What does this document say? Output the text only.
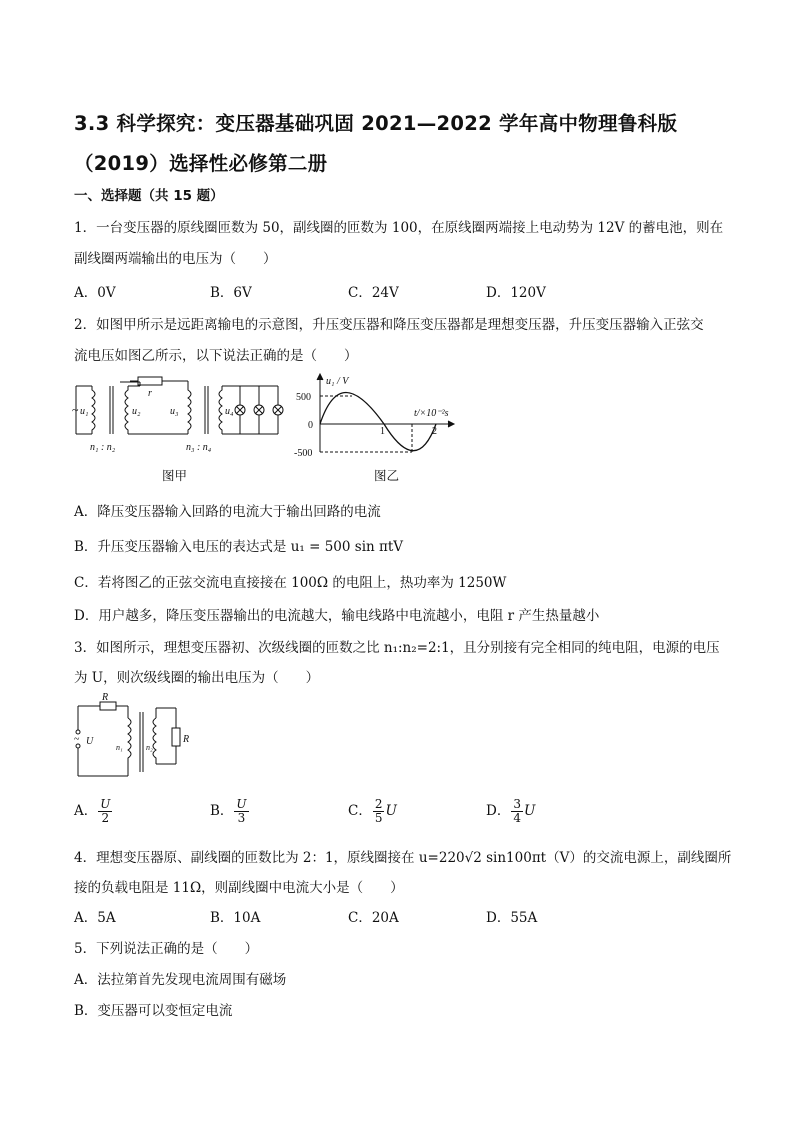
3.3 科学探究：变压器基础巩固 2021—2022 学年高中物理鲁科版
（2019）选择性必修第二册
一、选择题（共 15 题）
1．一台变压器的原线圈匝数为 50，副线圈的匝数为 100，在原线圈两端接上电动势为 12V 的蓄电池，则在
副线圈两端输出的电压为（　　）
A．0V	B．6V	C．24V	D．120V
2．如图甲所示是远距离输电的示意图，升压变压器和降压变压器都是理想变压器，升压变压器输入正弦交
流电压如图乙所示，以下说法正确的是（　　）
~ u₁	u₂
r
u₃	u₄
n₁ : n₂	n₃ : n₄
图甲
u₁ / V
t/×10⁻²s
500
0
-500
1	2
图乙
A．降压变压器输入回路的电流大于输出回路的电流
B．升压变压器输入电压的表达式是 u₁ = 500 sin πtV
C．若将图乙的正弦交流电直接接在 100Ω 的电阻上，热功率为 1250W
D．用户越多，降压变压器输出的电流越大，输电线路中电流越小，电阻 r 产生热量越小
3．如图所示，理想变压器初、次级线圈的匝数之比 n₁:n₂=2:1，且分别接有完全相同的纯电阻，电源的电压
为 U，则次级线圈的输出电压为（　　）
~
R
U
n₁	n₂
R
A． $\frac{U}{2}$	B． $\frac{U}{3}$	C． $\frac{2}{5}$ U	D． $\frac{3}{4}$ U
4．理想变压器原、副线圈的匝数比为 2：1，原线圈接在 u=220√2 sin100πt（V）的交流电源上，副线圈所
接的负载电阻是 11Ω，则副线圈中电流大小是（　　）
A．5A	B．10A	C．20A	D．55A
5．下列说法正确的是（　　）
A．法拉第首先发现电流周围有磁场
B．变压器可以变恒定电流
